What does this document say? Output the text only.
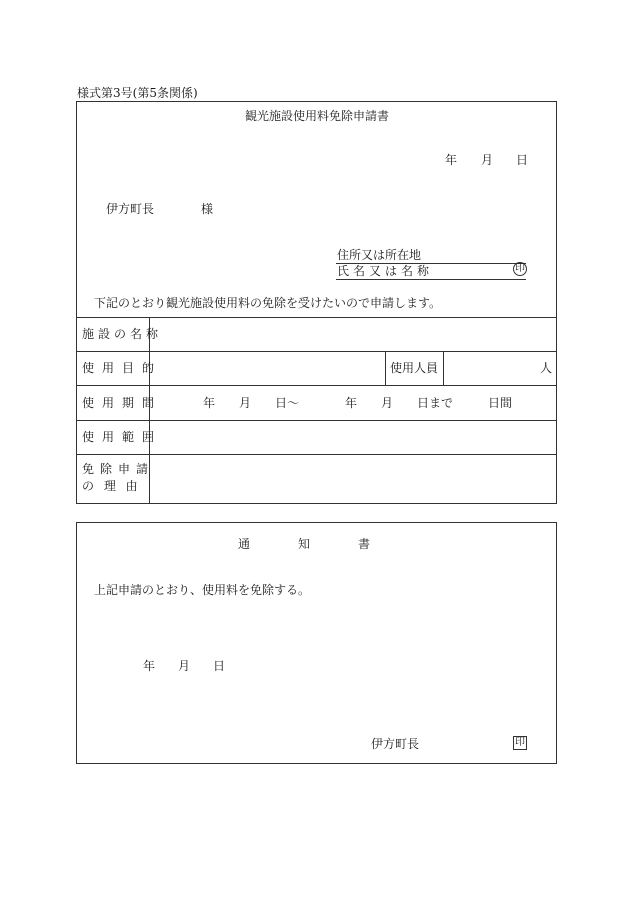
様式第3号(第5条関係)
観光施設使用料免除申請書
年 月 日
伊方町長	様
住所又は所在地
氏名又は名称	印
下記のとおり観光施設使用料の免除を受けたいので申請します。
施設の名称
使用目的	使用人員	人
使用期間	年 月 日〜	年 月 日まで	日間
使用範囲
免除申請
の 理 由
通　　　　知　　　　書
上記申請のとおり、使用料を免除する。
年 月 日
伊方町長	印
